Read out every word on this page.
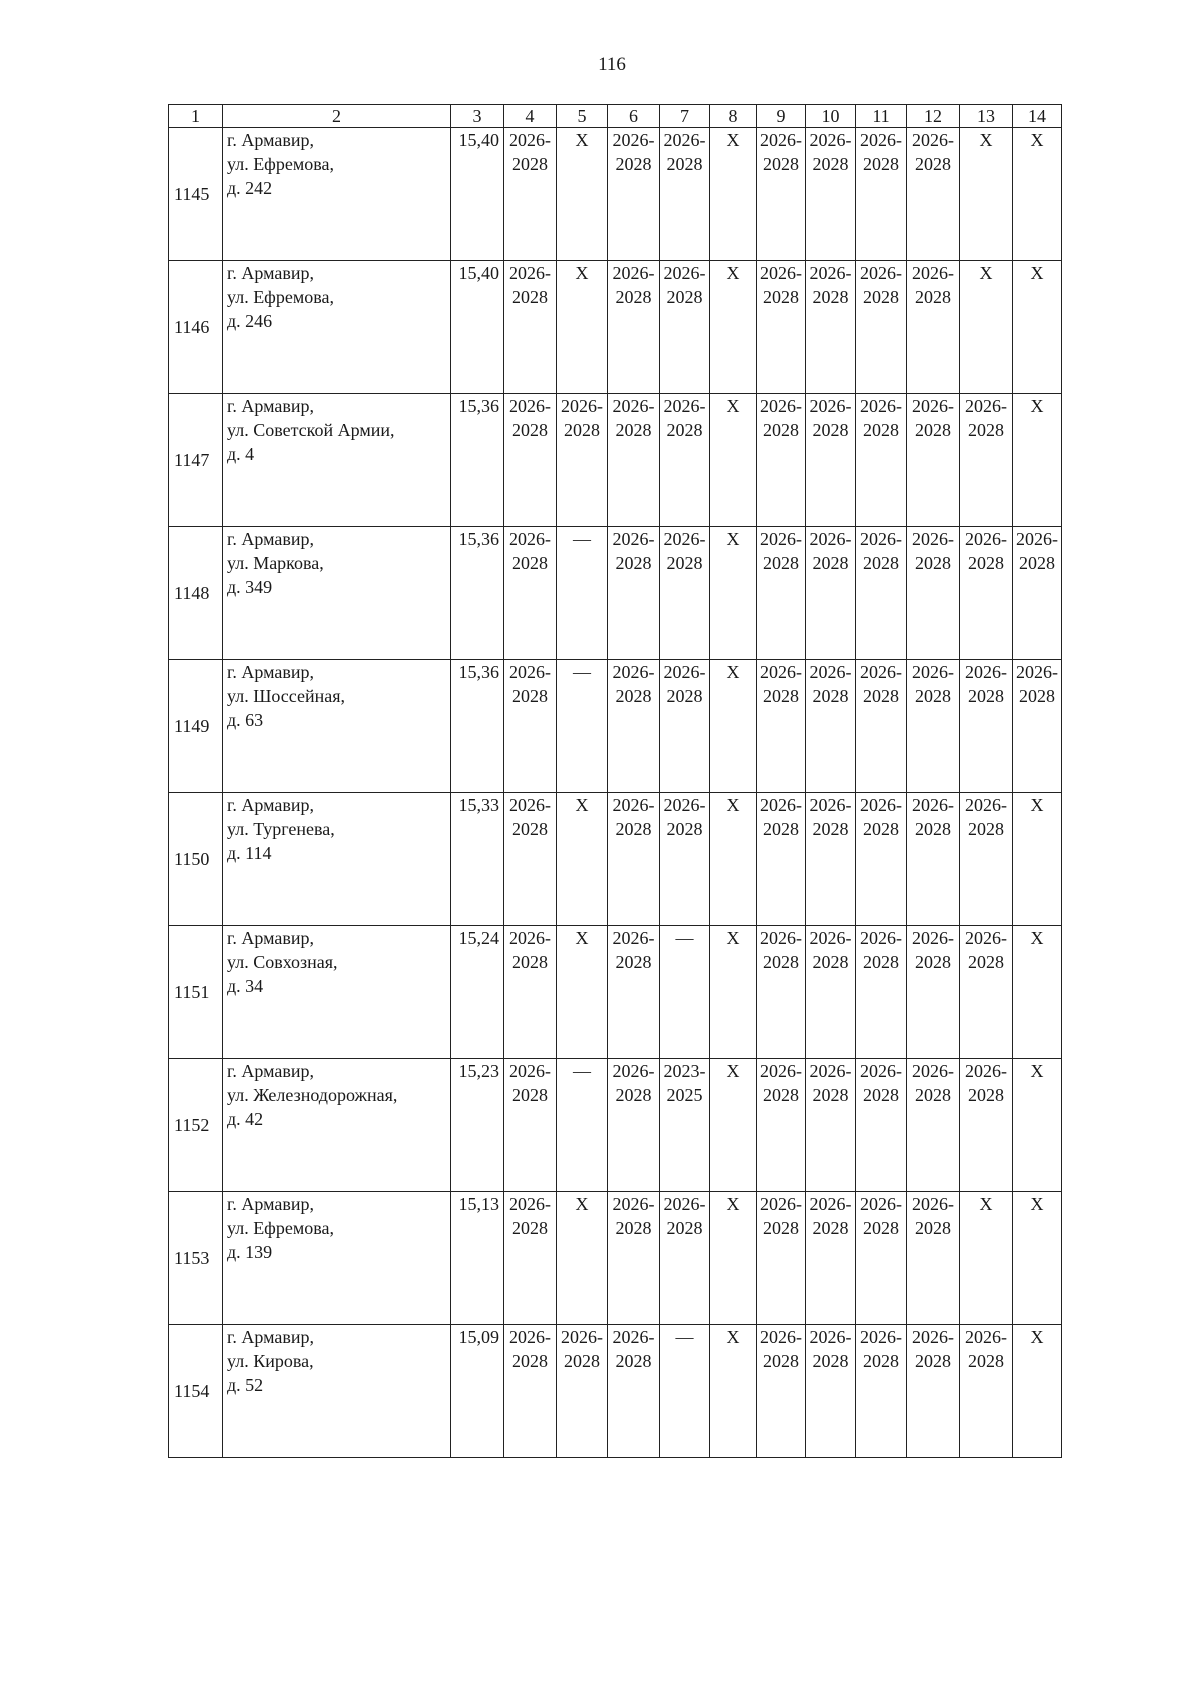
116
1	2	3	4	5	6	7	8	9	10	11	12	13	14
1145	г. Армавир,
ул. Ефремова,
д. 242	15,40	2026-2028	X	2026-2028	2026-2028	X	2026-2028	2026-2028	2026-2028	2026-2028	X	X
1146	г. Армавир,
ул. Ефремова,
д. 246	15,40	2026-2028	X	2026-2028	2026-2028	X	2026-2028	2026-2028	2026-2028	2026-2028	X	X
1147	г. Армавир,
ул. Советской Армии,
д. 4	15,36	2026-2028	2026-2028	2026-2028	2026-2028	X	2026-2028	2026-2028	2026-2028	2026-2028	2026-2028	X
1148	г. Армавир,
ул. Маркова,
д. 349	15,36	2026-2028	—	2026-2028	2026-2028	X	2026-2028	2026-2028	2026-2028	2026-2028	2026-2028	2026-2028
1149	г. Армавир,
ул. Шоссейная,
д. 63	15,36	2026-2028	—	2026-2028	2026-2028	X	2026-2028	2026-2028	2026-2028	2026-2028	2026-2028	2026-2028
1150	г. Армавир,
ул. Тургенева,
д. 114	15,33	2026-2028	X	2026-2028	2026-2028	X	2026-2028	2026-2028	2026-2028	2026-2028	2026-2028	X
1151	г. Армавир,
ул. Совхозная,
д. 34	15,24	2026-2028	X	2026-2028	—	X	2026-2028	2026-2028	2026-2028	2026-2028	2026-2028	X
1152	г. Армавир,
ул. Железнодорожная,
д. 42	15,23	2026-2028	—	2026-2028	2023-2025	X	2026-2028	2026-2028	2026-2028	2026-2028	2026-2028	X
1153	г. Армавир,
ул. Ефремова,
д. 139	15,13	2026-2028	X	2026-2028	2026-2028	X	2026-2028	2026-2028	2026-2028	2026-2028	X	X
1154	г. Армавир,
ул. Кирова,
д. 52	15,09	2026-2028	2026-2028	2026-2028	—	X	2026-2028	2026-2028	2026-2028	2026-2028	2026-2028	X
